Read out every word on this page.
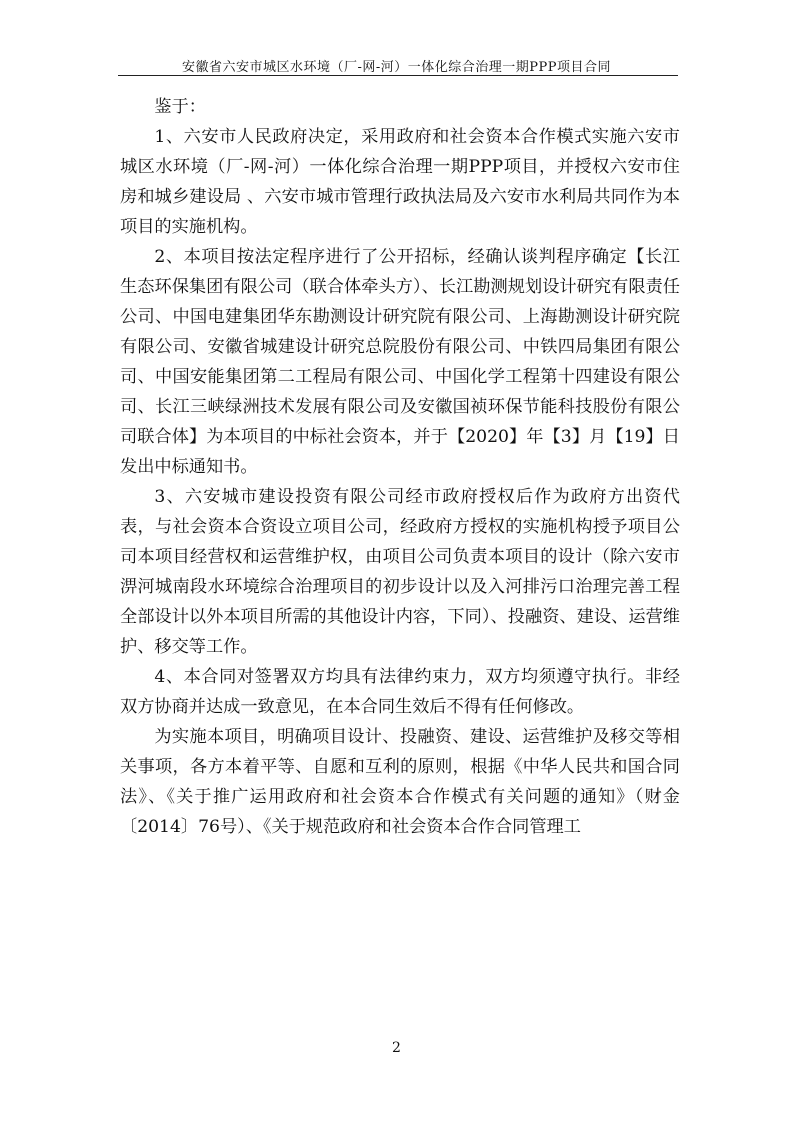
安徽省六安市城区水环境（厂-网-河）一体化综合治理一期PPP项目合同

鉴于：

1、六安市人民政府决定，采用政府和社会资本合作模式实施六安市城区水环境（厂-网-河）一体化综合治理一期PPP项目，并授权六安市住房和城乡建设局 、六安市城市管理行政执法局及六安市水利局共同作为本项目的实施机构。

2、本项目按法定程序进行了公开招标，经确认谈判程序确定【长江生态环保集团有限公司（联合体牵头方）、长江勘测规划设计研究有限责任公司、中国电建集团华东勘测设计研究院有限公司、上海勘测设计研究院有限公司、安徽省城建设计研究总院股份有限公司、中铁四局集团有限公司、中国安能集团第二工程局有限公司、中国化学工程第十四建设有限公司、长江三峡绿洲技术发展有限公司及安徽国祯环保节能科技股份有限公司联合体】为本项目的中标社会资本，并于【2020】年【3】月【19】日发出中标通知书。

3、六安城市建设投资有限公司经市政府授权后作为政府方出资代表，与社会资本合资设立项目公司，经政府方授权的实施机构授予项目公司本项目经营权和运营维护权，由项目公司负责本项目的设计（除六安市淠河城南段水环境综合治理项目的初步设计以及入河排污口治理完善工程全部设计以外本项目所需的其他设计内容，下同）、投融资、建设、运营维护、移交等工作。

4、本合同对签署双方均具有法律约束力，双方均须遵守执行。非经双方协商并达成一致意见，在本合同生效后不得有任何修改。

为实施本项目，明确项目设计、投融资、建设、运营维护及移交等相关事项，各方本着平等、自愿和互利的原则，根据《中华人民共和国合同法》、《关于推广运用政府和社会资本合作模式有关问题的通知》（财金〔2014〕76号）、《关于规范政府和社会资本合作合同管理工

2
